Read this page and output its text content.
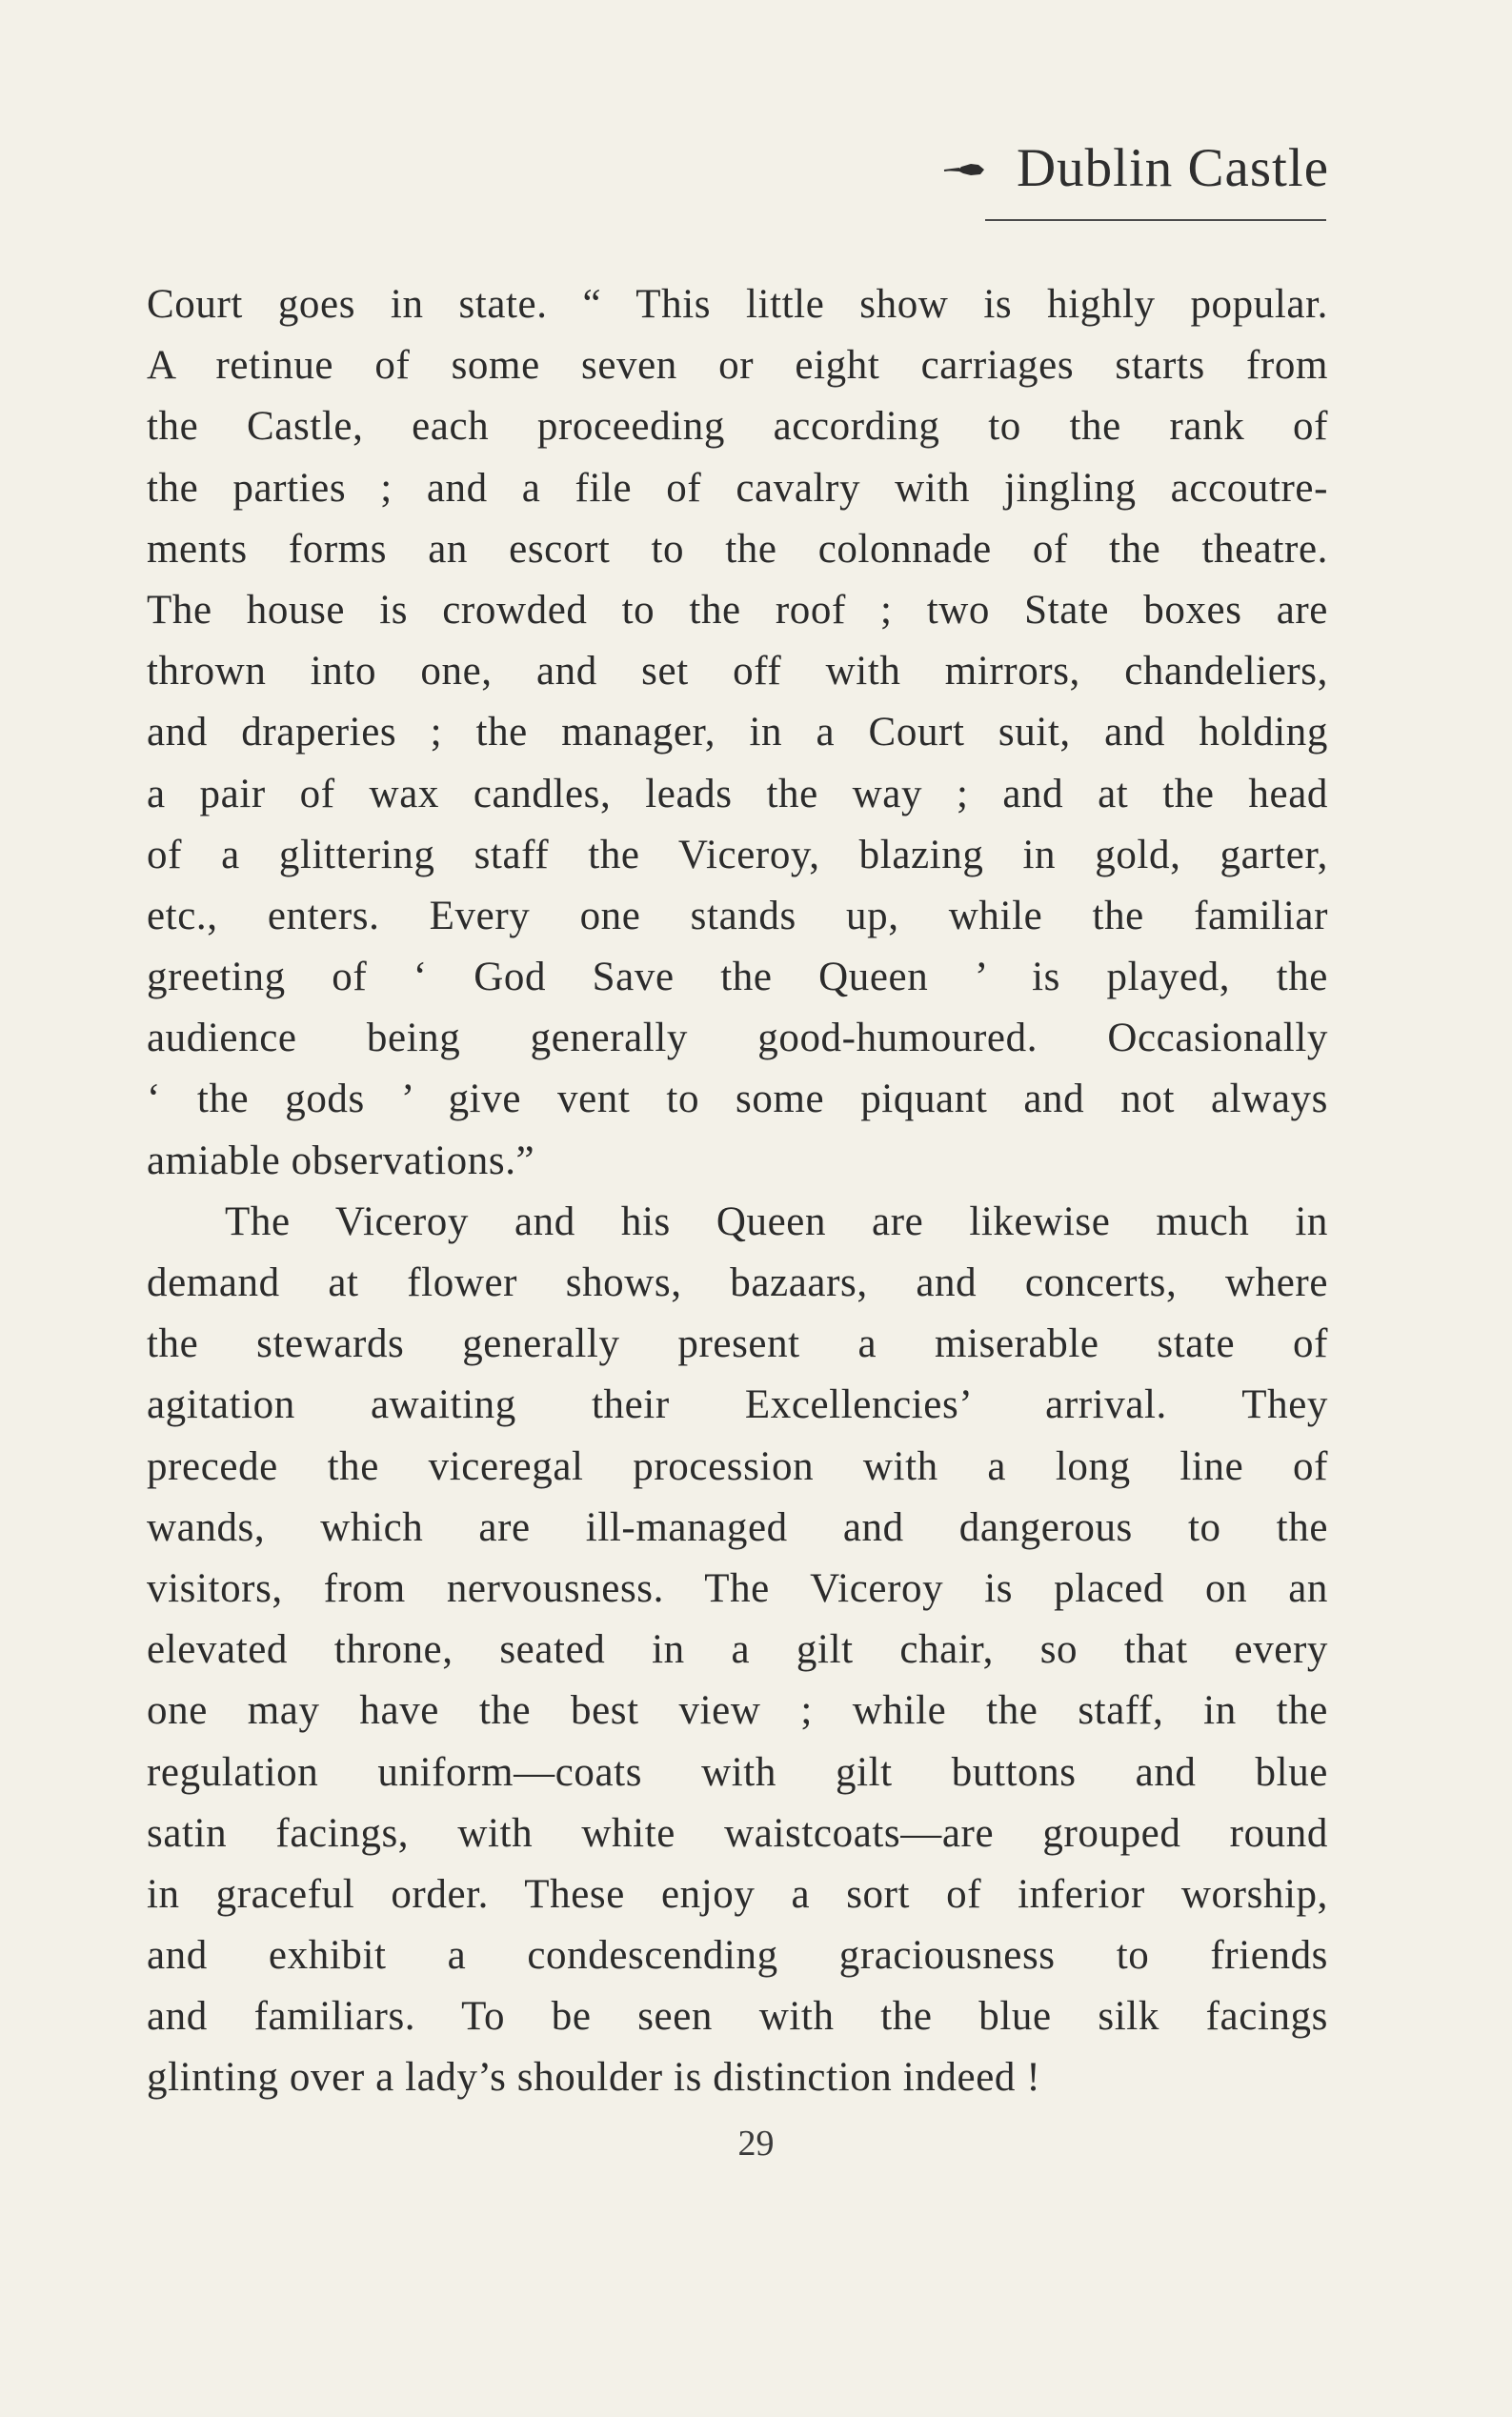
Dublin Castle
Court goes in state. “ This little show is highly popular.
A retinue of some seven or eight carriages starts from
the Castle, each proceeding according to the rank of
the parties ; and a file of cavalry with jingling accoutre-
ments forms an escort to the colonnade of the theatre.
The house is crowded to the roof ; two State boxes are
thrown into one, and set off with mirrors, chandeliers,
and draperies ; the manager, in a Court suit, and holding
a pair of wax candles, leads the way ; and at the head
of a glittering staff the Viceroy, blazing in gold, garter,
etc., enters. Every one stands up, while the familiar
greeting of ‘ God Save the Queen ’ is played, the
audience being generally good-humoured. Occasionally
‘ the gods ’ give vent to some piquant and not always
amiable observations.”
The Viceroy and his Queen are likewise much in
demand at flower shows, bazaars, and concerts, where
the stewards generally present a miserable state of
agitation awaiting their Excellencies’ arrival. They
precede the viceregal procession with a long line of
wands, which are ill-managed and dangerous to the
visitors, from nervousness. The Viceroy is placed on an
elevated throne, seated in a gilt chair, so that every
one may have the best view ; while the staff, in the
regulation uniform—coats with gilt buttons and blue
satin facings, with white waistcoats—are grouped round
in graceful order. These enjoy a sort of inferior worship,
and exhibit a condescending graciousness to friends
and familiars. To be seen with the blue silk facings
glinting over a lady’s shoulder is distinction indeed !
29
